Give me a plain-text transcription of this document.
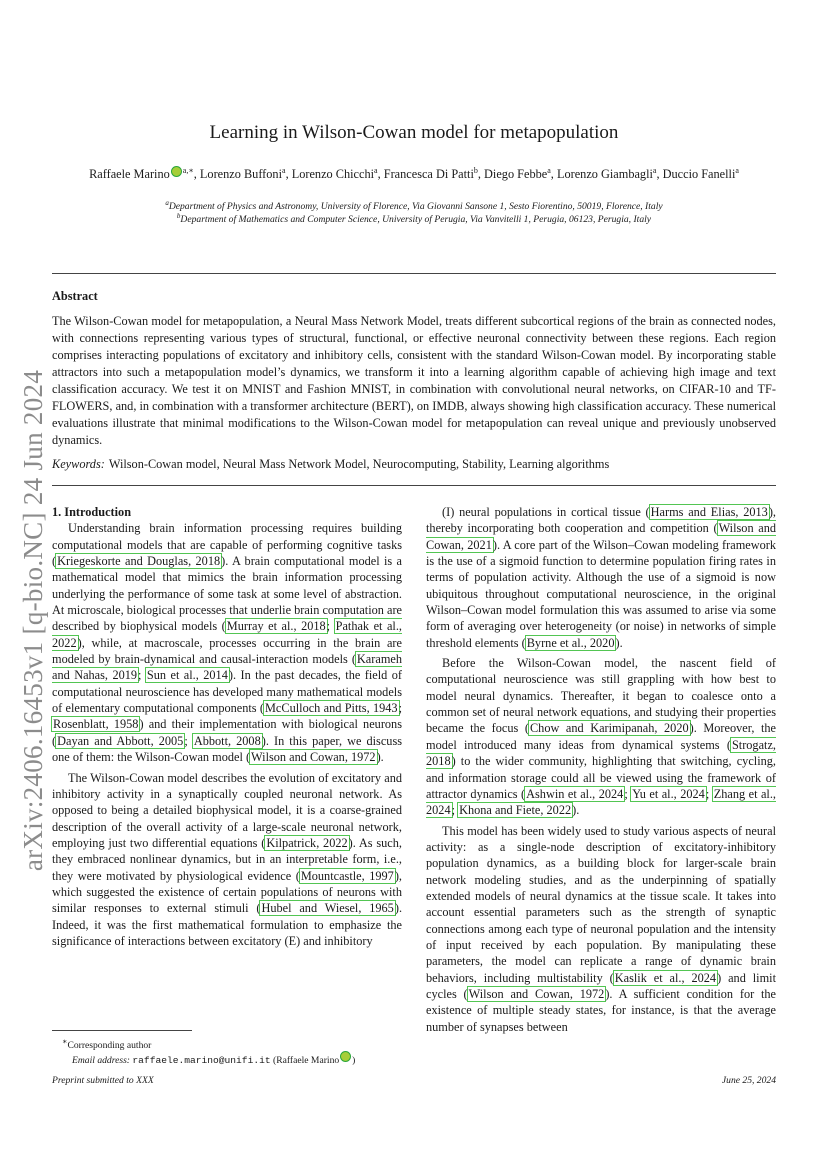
arXiv:2406.16453v1 [q-bio.NC] 24 Jun 2024
Learning in Wilson-Cowan model for metapopulation
Raffaele Marino $^{a,∗}$, Lorenzo Buffoni$^a$, Lorenzo Chicchi$^a$, Francesca Di Patti$^b$, Diego Febbe$^a$, Lorenzo Giambagli$^a$, Duccio Fanelli$^a$
$^a$Department of Physics and Astronomy, University of Florence, Via Giovanni Sansone 1, Sesto Fiorentino, 50019, Florence, Italy
$^b$Department of Mathematics and Computer Science, University of Perugia, Via Vanvitelli 1, Perugia, 06123, Perugia, Italy
Abstract
The Wilson-Cowan model for metapopulation, a Neural Mass Network Model, treats different subcortical regions of the brain as connected nodes, with connections representing various types of structural, functional, or effective neuronal connectivity between these regions. Each region comprises interacting populations of excitatory and inhibitory cells, consistent with the standard Wilson-Cowan model. By incorporating stable attractors into such a metapopulation model’s dynamics, we transform it into a learning algorithm capable of achieving high image and text classification accuracy. We test it on MNIST and Fashion MNIST, in combination with convolutional neural networks, on CIFAR-10 and TF-FLOWERS, and, in combination with a transformer architecture (BERT), on IMDB, always showing high classification accuracy. These numerical evaluations illustrate that minimal modifications to the Wilson-Cowan model for metapopulation can reveal unique and previously unobserved dynamics.
Keywords: Wilson-Cowan model, Neural Mass Network Model, Neurocomputing, Stability, Learning algorithms

1. Introduction

Understanding brain information processing requires building computational models that are capable of performing cognitive tasks (Kriegeskorte and Douglas, 2018). A brain computational model is a mathematical model that mimics the brain information processing underlying the performance of some task at some level of abstraction. At microscale, biological processes that underlie brain computation are described by biophysical models (Murray et al., 2018; Pathak et al., 2022), while, at macroscale, processes occurring in the brain are modeled by brain-dynamical and causal-interaction models (Karameh and Nahas, 2019; Sun et al., 2014). In the past decades, the field of computational neuroscience has developed many mathematical models of elementary computational components (McCulloch and Pitts, 1943; Rosenblatt, 1958) and their implementation with biological neurons (Dayan and Abbott, 2005; Abbott, 2008). In this paper, we discuss one of them: the Wilson-Cowan model (Wilson and Cowan, 1972).

The Wilson-Cowan model describes the evolution of excitatory and inhibitory activity in a synaptically coupled neuronal network. As opposed to being a detailed biophysical model, it is a coarse-grained description of the overall activity of a large-scale neuronal network, employing just two differential equations (Kilpatrick, 2022). As such, they embraced nonlinear dynamics, but in an interpretable form, i.e., they were motivated by physiological evidence (Mountcastle, 1997), which suggested the existence of certain populations of neurons with similar responses to external stimuli (Hubel and Wiesel, 1965). Indeed, it was the first mathematical formulation to emphasize the significance of interactions between excitatory (E) and inhibitory

(I) neural populations in cortical tissue (Harms and Elias, 2013), thereby incorporating both cooperation and competition (Wilson and Cowan, 2021). A core part of the Wilson–Cowan modeling framework is the use of a sigmoid function to determine population firing rates in terms of population activity. Although the use of a sigmoid is now ubiquitous throughout computational neuroscience, in the original Wilson–Cowan model formulation this was assumed to arise via some form of averaging over heterogeneity (or noise) in networks of simple threshold elements (Byrne et al., 2020).

Before the Wilson-Cowan model, the nascent field of computational neuroscience was still grappling with how best to model neural dynamics. Thereafter, it began to coalesce onto a common set of neural network equations, and studying their properties became the focus (Chow and Karimipanah, 2020). Moreover, the model introduced many ideas from dynamical systems (Strogatz, 2018) to the wider community, highlighting that switching, cycling, and information storage could all be viewed using the framework of attractor dynamics (Ashwin et al., 2024; Yu et al., 2024; Zhang et al., 2024; Khona and Fiete, 2022).

This model has been widely used to study various aspects of neural activity: as a single-node description of excitatory-inhibitory population dynamics, as a building block for larger-scale brain network modeling studies, and as the underpinning of spatially extended models of neural dynamics at the tissue scale. It takes into account essential parameters such as the strength of synaptic connections among each type of neuronal population and the intensity of input received by each population. By manipulating these parameters, the model can replicate a range of dynamic brain behaviors, including multistability (Kaslik et al., 2024) and limit cycles (Wilson and Cowan, 1972). A sufficient condition for the existence of multiple steady states, for instance, is that the average number of synapses between

∗Corresponding author
Email address: raffaele.marino@unifi.it (Raffaele Marino )
Preprint submitted to XXX	June 25, 2024
